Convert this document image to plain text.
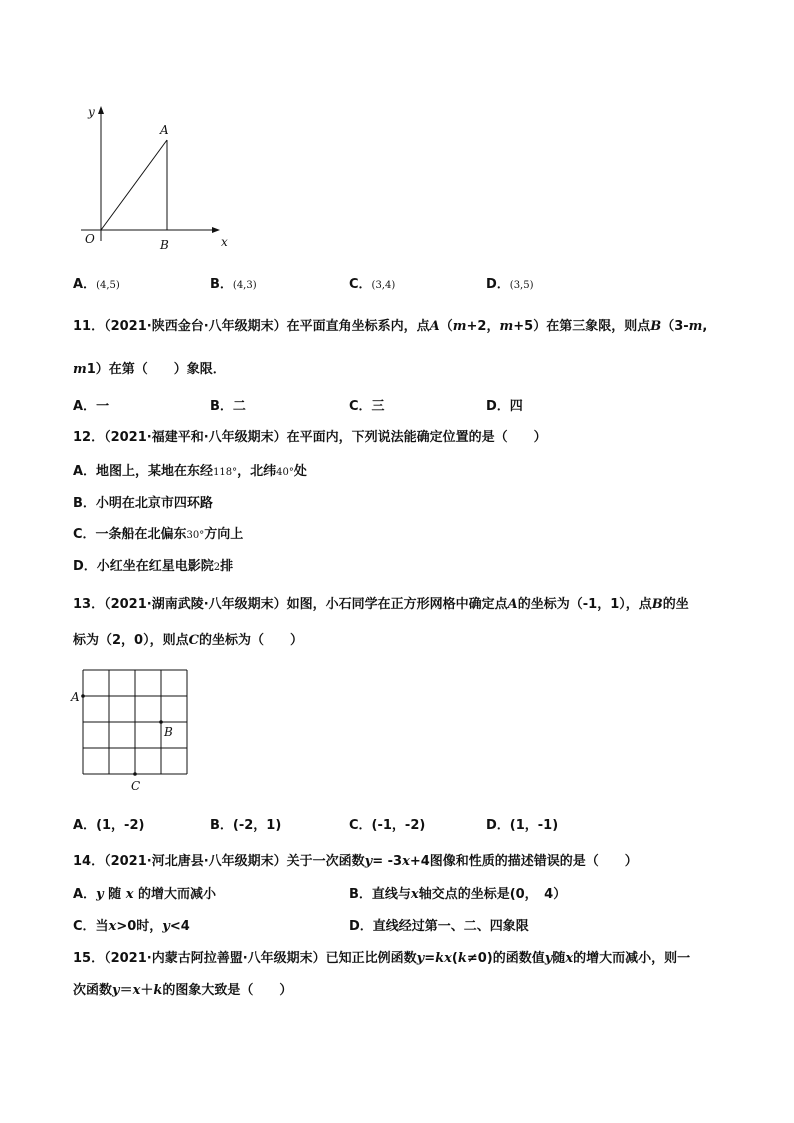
y
x
O
A
B
A．(4,5)	B．(4,3)	C．(3,4)	D．(3,5)
11．（2021·陕西金台·八年级期末）在平面直角坐标系内，点A（m+2，m+5）在第三象限，则点B（3-m,
m1）在第（　　）象限．
A．一	B．二	C．三	D．四
12．（2021·福建平和·八年级期末）在平面内，下列说法能确定位置的是（　　）
A．地图上，某地在东经118°，北纬40°处
B．小明在北京市四环路
C．一条船在北偏东30°方向上
D．小红坐在红星电影院2排
13．（2021·湖南武陵·八年级期末）如图，小石同学在正方形网格中确定点A的坐标为（-1，1），点B的坐
标为（2，0），则点C的坐标为（　　）
A
B
C
A．(1，-2)	B．(-2，1)	C．(-1，-2)	D．(1，-1)
14．（2021·河北唐县·八年级期末）关于一次函数y= -3x+4图像和性质的描述错误的是（　　）
A．y 随 x 的增大而减小	B．直线与x轴交点的坐标是(0，　4）
C．当x>0时，y<4	D．直线经过第一、二、四象限
15．（2021·内蒙古阿拉善盟·八年级期末）已知正比例函数y=kx(k≠0)的函数值y随x的增大而减小，则一
次函数y＝x＋k的图象大致是（　　）
